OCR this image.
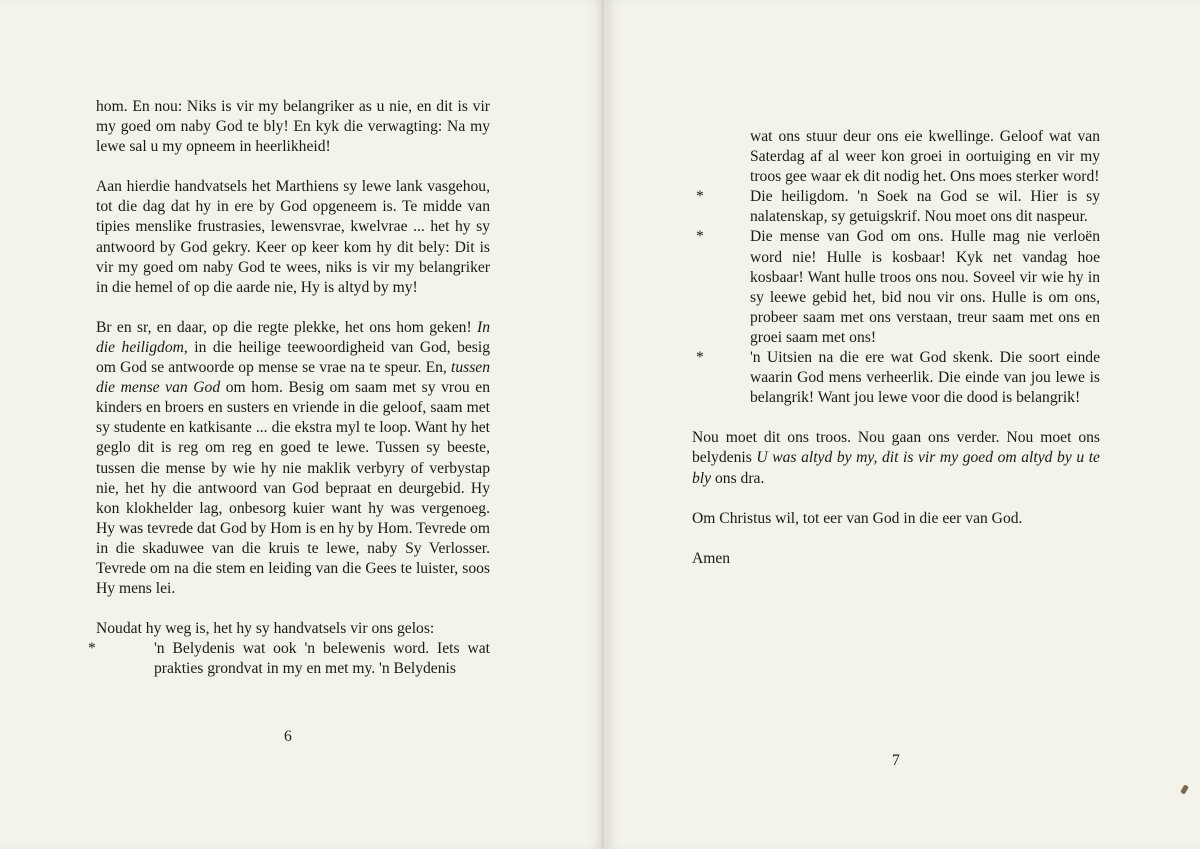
hom. En nou: Niks is vir my belangriker as u nie, en dit is vir my goed om naby God te bly! En kyk die verwagting: Na my lewe sal u my opneem in heerlikheid!

Aan hierdie handvatsels het Marthiens sy lewe lank vasgehou, tot die dag dat hy in ere by God opgeneem is. Te midde van tipies menslike frustrasies, lewensvrae, kwelvrae ... het hy sy antwoord by God gekry. Keer op keer kom hy dit bely: Dit is vir my goed om naby God te wees, niks is vir my belangriker in die hemel of op die aarde nie, Hy is altyd by my!

Br en sr, en daar, op die regte plekke, het ons hom geken! In die heiligdom, in die heilige teewoordigheid van God, besig om God se antwoorde op mense se vrae na te speur. En, tussen die mense van God om hom. Besig om saam met sy vrou en kinders en broers en susters en vriende in die geloof, saam met sy studente en katkisante ... die ekstra myl te loop. Want hy het geglo dit is reg om reg en goed te lewe. Tussen sy beeste, tussen die mense by wie hy nie maklik verbyry of verbystap nie, het hy die antwoord van God bepraat en deurgebid. Hy kon klokhelder lag, onbesorg kuier want hy was vergenoeg. Hy was tevrede dat God by Hom is en hy by Hom. Tevrede om in die skaduwee van die kruis te lewe, naby Sy Verlosser. Tevrede om na die stem en leiding van die Gees te luister, soos Hy mens lei.

Noudat hy weg is, het hy sy handvatsels vir ons gelos:

*	'n Belydenis wat ook 'n belewenis word. Iets wat prakties grondvat in my en met my. 'n Belydenis

6

wat ons stuur deur ons eie kwellinge. Geloof wat van Saterdag af al weer kon groei in oortuiging en vir my troos gee waar ek dit nodig het. Ons moes sterker word!

*	Die heiligdom. 'n Soek na God se wil. Hier is sy nalatenskap, sy getuigskrif. Nou moet ons dit naspeur.

*	Die mense van God om ons. Hulle mag nie verloën word nie! Hulle is kosbaar! Kyk net vandag hoe kosbaar! Want hulle troos ons nou. Soveel vir wie hy in sy leewe gebid het, bid nou vir ons. Hulle is om ons, probeer saam met ons verstaan, treur saam met ons en groei saam met ons!

*	'n Uitsien na die ere wat God skenk. Die soort einde waarin God mens verheerlik. Die einde van jou lewe is belangrik! Want jou lewe voor die dood is belangrik!

Nou moet dit ons troos. Nou gaan ons verder. Nou moet ons belydenis U was altyd by my, dit is vir my goed om altyd by u te bly ons dra.

Om Christus wil, tot eer van God in die eer van God.

Amen

7
